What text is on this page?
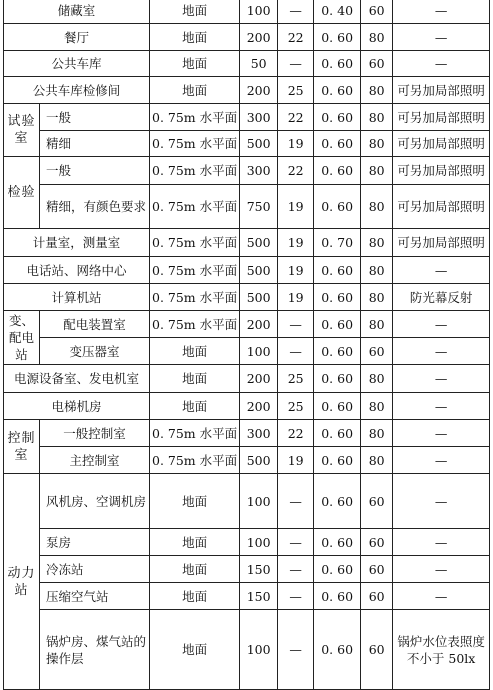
储藏室		地面	100	—	0. 40	60	—
餐厅		地面	200	22	0. 60	80	—
公共车库		地面	50	—	0. 60	60	—
公共车库检修间		地面	200	25	0. 60	80	可另加局部照明
试验室	一般	0. 75m 水平面	300	22	0. 60	80	可另加局部照明
	精细	0. 75m 水平面	500	19	0. 60	80	可另加局部照明
检验	一般	0. 75m 水平面	300	22	0. 60	80	可另加局部照明
	精细，有颜色要求	0. 75m 水平面	750	19	0. 60	80	可另加局部照明
计量室，测量室		0. 75m 水平面	500	19	0. 70	80	可另加局部照明
电话站、网络中心		0. 75m 水平面	500	19	0. 60	80	—
计算机站		0. 75m 水平面	500	19	0. 60	80	防光幕反射
变、配电站	配电装置室	0. 75m 水平面	200	—	0. 60	80	—
	变压器室	地面	100	—	0. 60	60	—
电源设备室、发电机室		地面	200	25	0. 60	80	—
电梯机房		地面	200	25	0. 60	80	—
控制室	一般控制室	0. 75m 水平面	300	22	0. 60	80	—
	主控制室	0. 75m 水平面	500	19	0. 60	80	—
动力站	风机房、空调机房	地面	100	—	0. 60	60	—
	泵房	地面	100	—	0. 60	60	—
	冷冻站	地面	150	—	0. 60	60	—
	压缩空气站	地面	150	—	0. 60	60	—
	锅炉房、煤气站的操作层	地面	100	—	0. 60	60	锅炉水位表照度不小于 50lx
